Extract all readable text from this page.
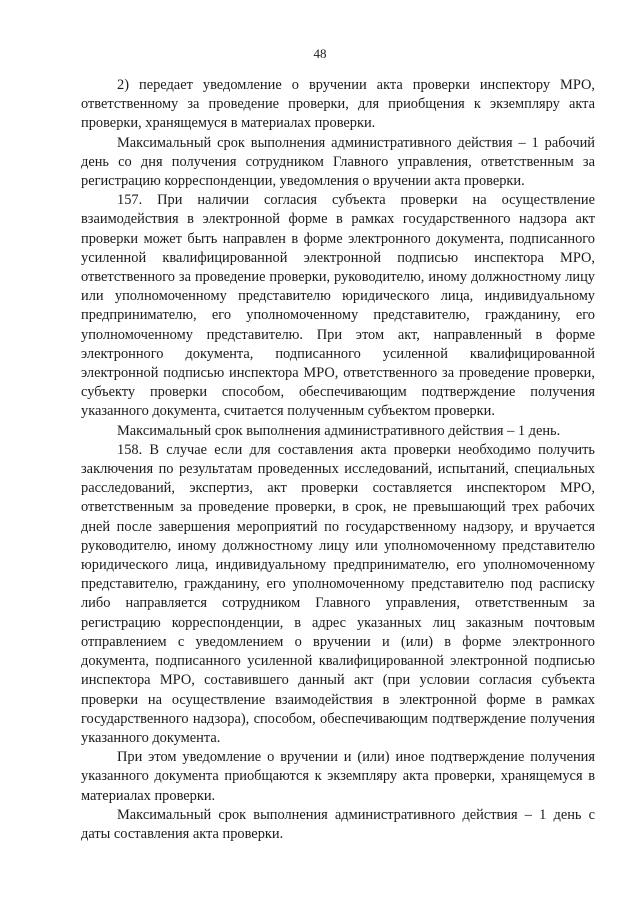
48

2) передает уведомление о вручении акта проверки инспектору МРО, ответственному за проведение проверки, для приобщения к экземпляру акта проверки, хранящемуся в материалах проверки.

Максимальный срок выполнения административного действия – 1 рабочий день со дня получения сотрудником Главного управления, ответственным за регистрацию корреспонденции, уведомления о вручении акта проверки.

157. При наличии согласия субъекта проверки на осуществление взаимодействия в электронной форме в рамках государственного надзора акт проверки может быть направлен в форме электронного документа, подписанного усиленной квалифицированной электронной подписью инспектора МРО, ответственного за проведение проверки, руководителю, иному должностному лицу или уполномоченному представителю юридического лица, индивидуальному предпринимателю, его уполномоченному представителю, гражданину, его уполномоченному представителю. При этом акт, направленный в форме электронного документа, подписанного усиленной квалифицированной электронной подписью инспектора МРО, ответственного за проведение проверки, субъекту проверки способом, обеспечивающим подтверждение получения указанного документа, считается полученным субъектом проверки.

Максимальный срок выполнения административного действия – 1 день.

158. В случае если для составления акта проверки необходимо получить заключения по результатам проведенных исследований, испытаний, специальных расследований, экспертиз, акт проверки составляется инспектором МРО, ответственным за проведение проверки, в срок, не превышающий трех рабочих дней после завершения мероприятий по государственному надзору, и вручается руководителю, иному должностному лицу или уполномоченному представителю юридического лица, индивидуальному предпринимателю, его уполномоченному представителю, гражданину, его уполномоченному представителю под расписку либо направляется сотрудником Главного управления, ответственным за регистрацию корреспонденции, в адрес указанных лиц заказным почтовым отправлением с уведомлением о вручении и (или) в форме электронного документа, подписанного усиленной квалифицированной электронной подписью инспектора МРО, составившего данный акт (при условии согласия субъекта проверки на осуществление взаимодействия в электронной форме в рамках государственного надзора), способом, обеспечивающим подтверждение получения указанного документа.

При этом уведомление о вручении и (или) иное подтверждение получения указанного документа приобщаются к экземпляру акта проверки, хранящемуся в материалах проверки.

Максимальный срок выполнения административного действия – 1 день с даты составления акта проверки.
